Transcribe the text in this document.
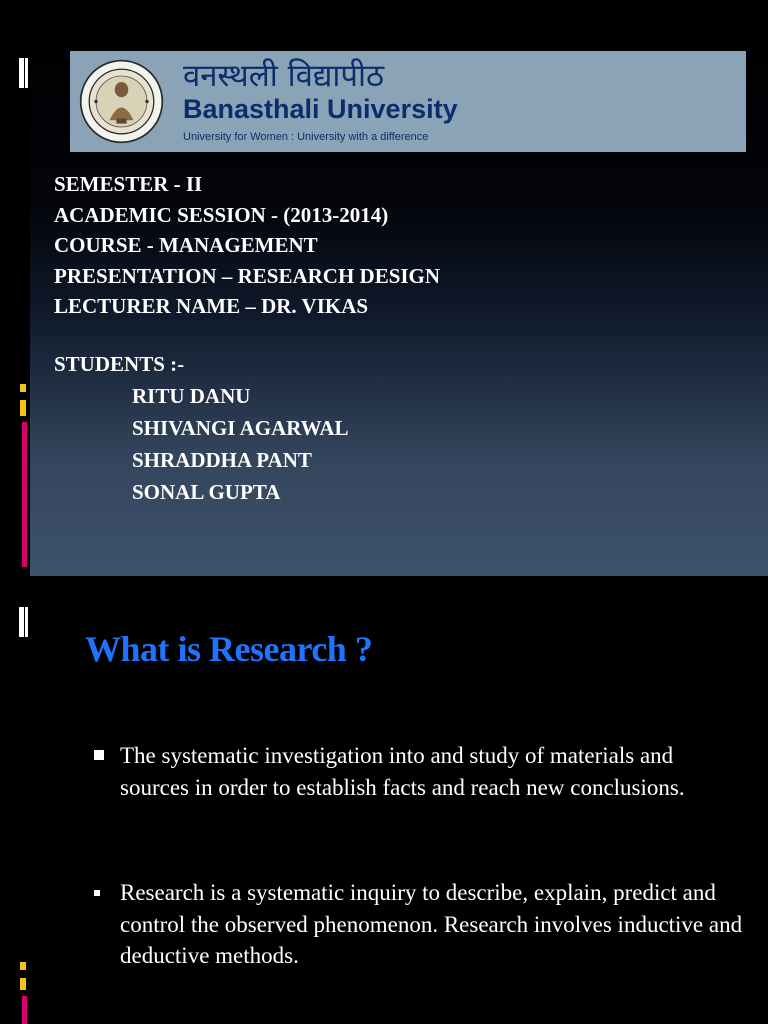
वनस्थली विद्यापीठ
Banasthali University
University for Women : University with a difference
SEMESTER - II
ACADEMIC SESSION - (2013-2014)
COURSE - MANAGEMENT
PRESENTATION – RESEARCH DESIGN
LECTURER NAME – DR. VIKAS
STUDENTS :-
RITU DANU
SHIVANGI AGARWAL
SHRADDHA PANT
SONAL GUPTA
What is Research ?
The systematic investigation into and study of materials and sources in order to establish facts and reach new conclusions.
Research is a systematic inquiry to describe, explain, predict and control the observed phenomenon. Research involves inductive and deductive methods.
